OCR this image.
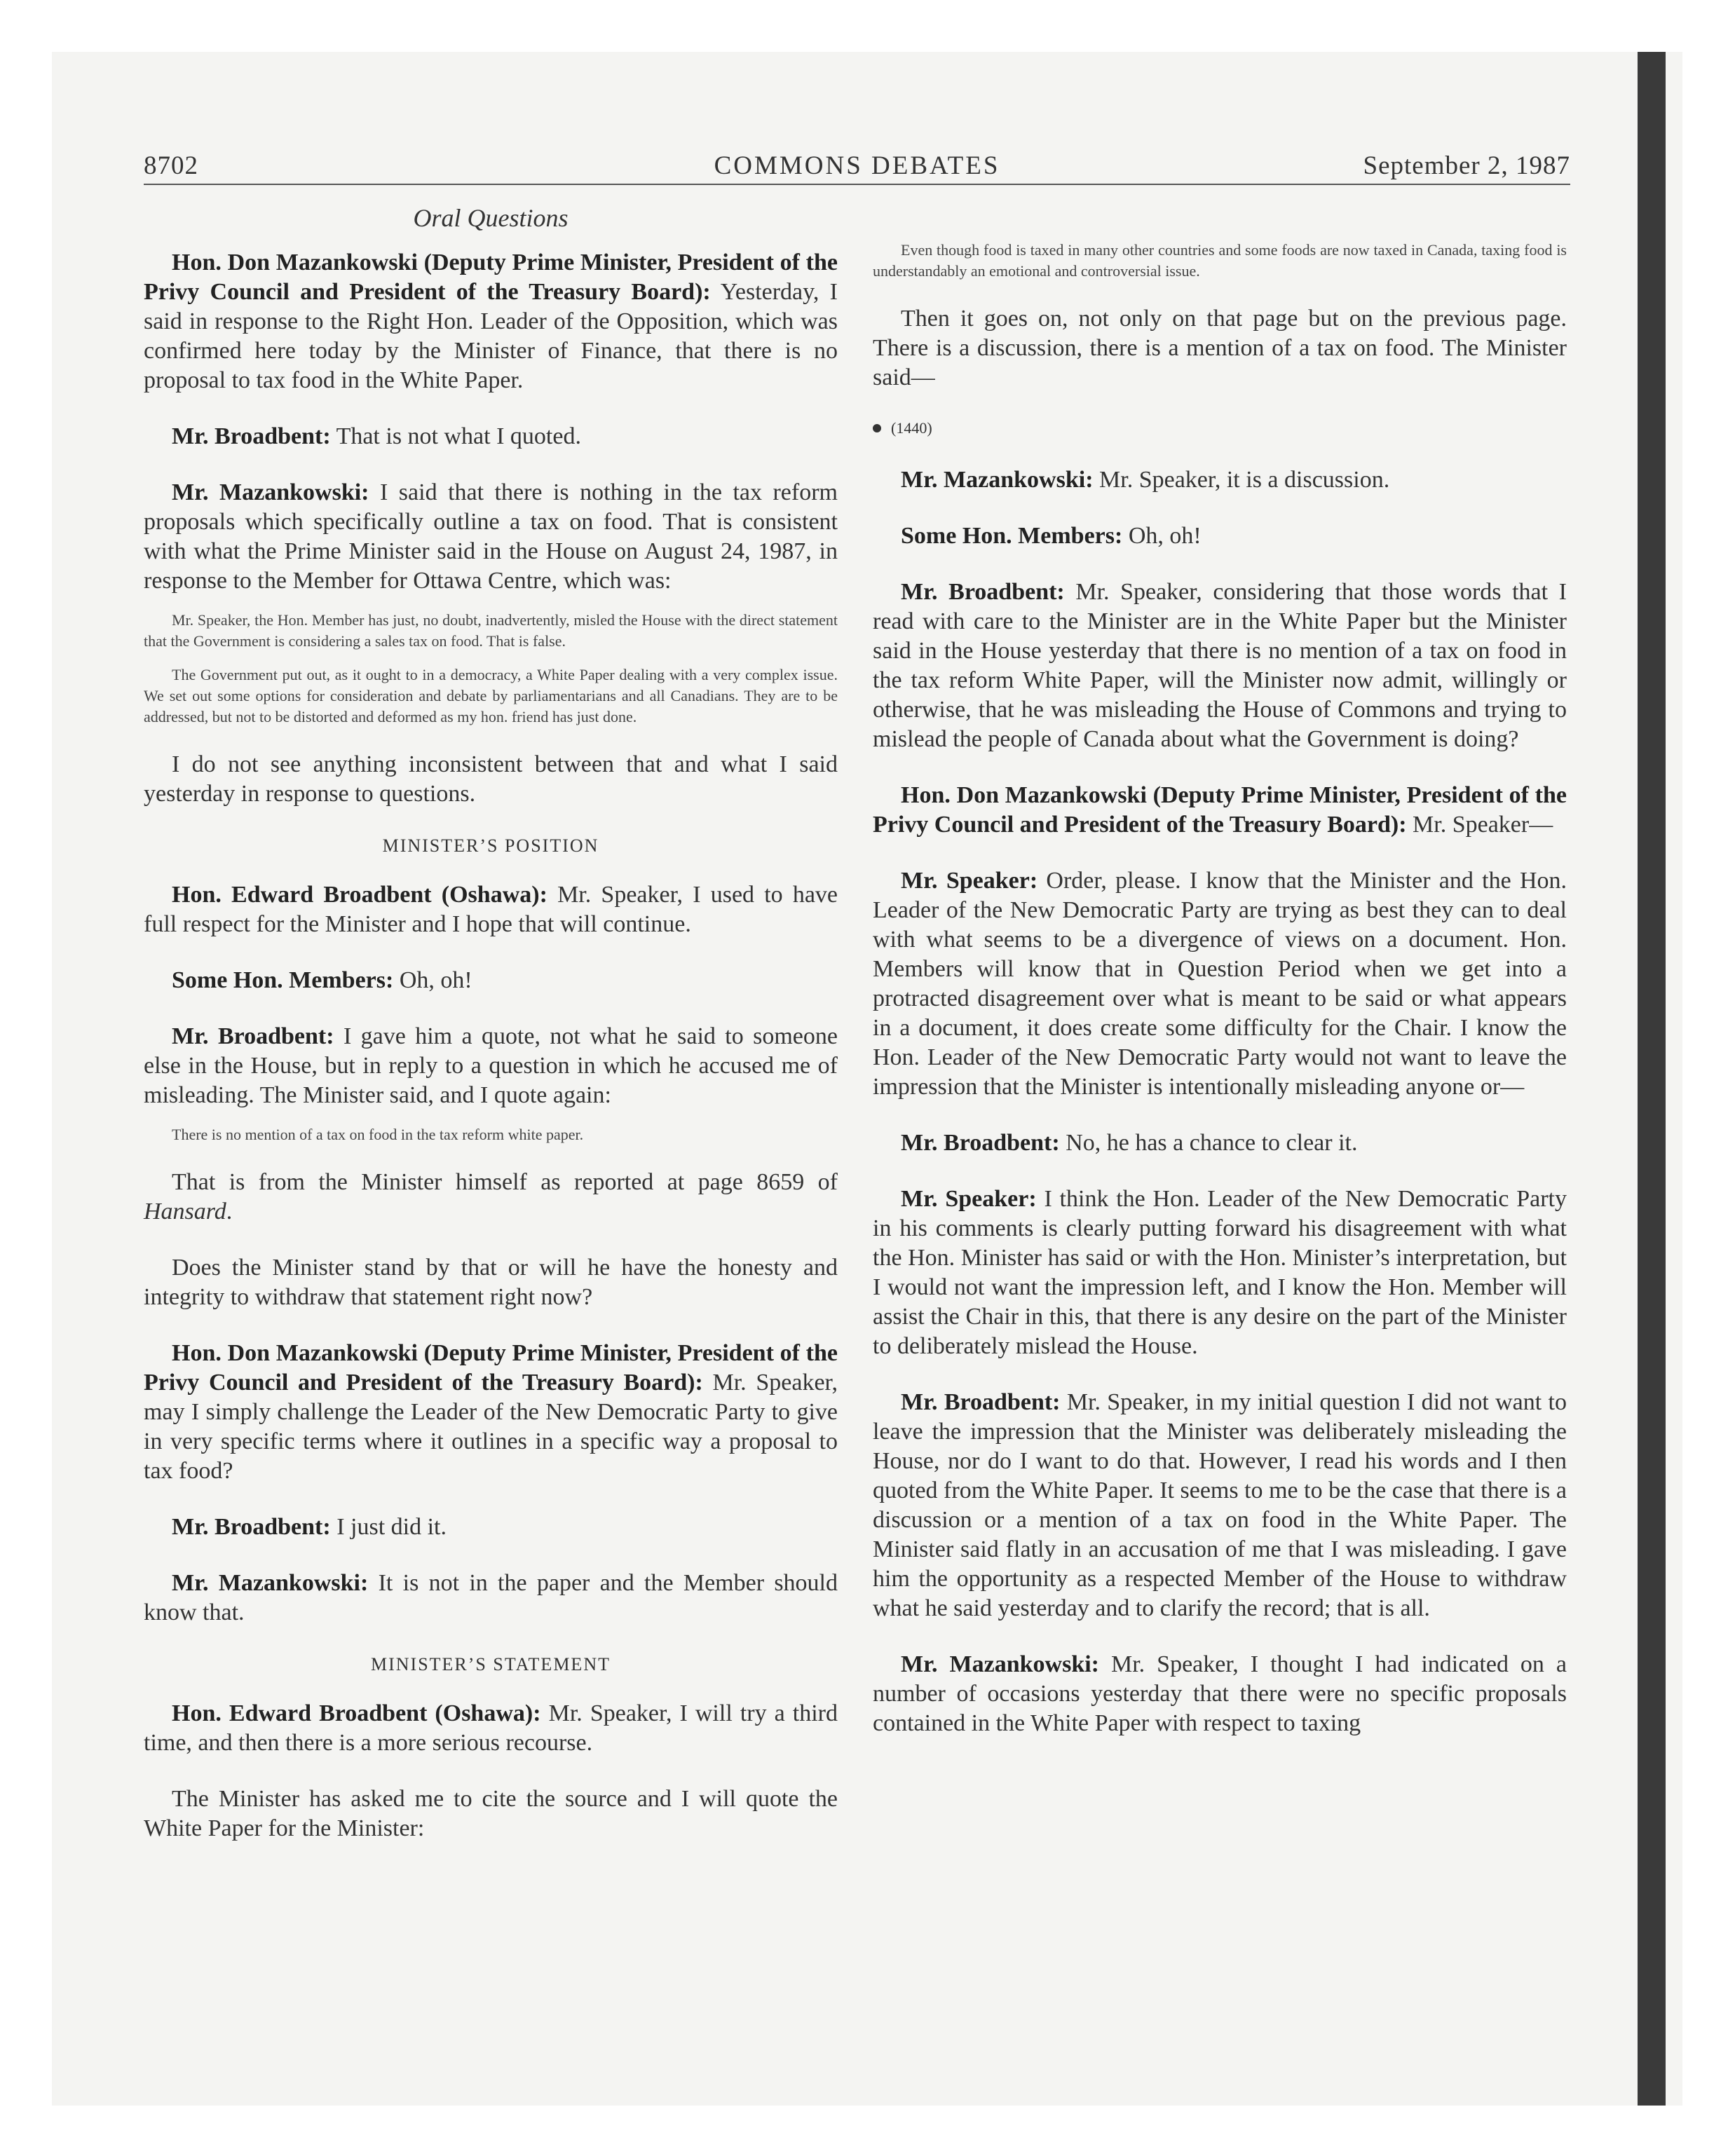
8702	COMMONS DEBATES	September 2, 1987
Oral Questions

Hon. Don Mazankowski (Deputy Prime Minister, President of the Privy Council and President of the Treasury Board): Yesterday, I said in response to the Right Hon. Leader of the Opposition, which was confirmed here today by the Minister of Finance, that there is no proposal to tax food in the White Paper.

Mr. Broadbent: That is not what I quoted.

Mr. Mazankowski: I said that there is nothing in the tax reform proposals which specifically outline a tax on food. That is consistent with what the Prime Minister said in the House on August 24, 1987, in response to the Member for Ottawa Centre, which was:

Mr. Speaker, the Hon. Member has just, no doubt, inadvertently, misled the House with the direct statement that the Government is considering a sales tax on food. That is false.

The Government put out, as it ought to in a democracy, a White Paper dealing with a very complex issue. We set out some options for consideration and debate by parliamentarians and all Canadians. They are to be addressed, but not to be distorted and deformed as my hon. friend has just done.

I do not see anything inconsistent between that and what I said yesterday in response to questions.

MINISTER’S POSITION

Hon. Edward Broadbent (Oshawa): Mr. Speaker, I used to have full respect for the Minister and I hope that will continue.

Some Hon. Members: Oh, oh!

Mr. Broadbent: I gave him a quote, not what he said to someone else in the House, but in reply to a question in which he accused me of misleading. The Minister said, and I quote again:

There is no mention of a tax on food in the tax reform white paper.

That is from the Minister himself as reported at page 8659 of Hansard.

Does the Minister stand by that or will he have the honesty and integrity to withdraw that statement right now?

Hon. Don Mazankowski (Deputy Prime Minister, President of the Privy Council and President of the Treasury Board): Mr. Speaker, may I simply challenge the Leader of the New Democratic Party to give in very specific terms where it outlines in a specific way a proposal to tax food?

Mr. Broadbent: I just did it.

Mr. Mazankowski: It is not in the paper and the Member should know that.

MINISTER’S STATEMENT

Hon. Edward Broadbent (Oshawa): Mr. Speaker, I will try a third time, and then there is a more serious recourse.

The Minister has asked me to cite the source and I will quote the White Paper for the Minister:

Even though food is taxed in many other countries and some foods are now taxed in Canada, taxing food is understandably an emotional and controversial issue.

Then it goes on, not only on that page but on the previous page. There is a discussion, there is a mention of a tax on food. The Minister said—

(1440)

Mr. Mazankowski: Mr. Speaker, it is a discussion.

Some Hon. Members: Oh, oh!

Mr. Broadbent: Mr. Speaker, considering that those words that I read with care to the Minister are in the White Paper but the Minister said in the House yesterday that there is no mention of a tax on food in the tax reform White Paper, will the Minister now admit, willingly or otherwise, that he was misleading the House of Commons and trying to mislead the people of Canada about what the Government is doing?

Hon. Don Mazankowski (Deputy Prime Minister, President of the Privy Council and President of the Treasury Board): Mr. Speaker—

Mr. Speaker: Order, please. I know that the Minister and the Hon. Leader of the New Democratic Party are trying as best they can to deal with what seems to be a divergence of views on a document. Hon. Members will know that in Question Period when we get into a protracted disagreement over what is meant to be said or what appears in a document, it does create some difficulty for the Chair. I know the Hon. Leader of the New Democratic Party would not want to leave the impression that the Minister is intentionally misleading anyone or—

Mr. Broadbent: No, he has a chance to clear it.

Mr. Speaker: I think the Hon. Leader of the New Democratic Party in his comments is clearly putting forward his disagreement with what the Hon. Minister has said or with the Hon. Minister’s interpretation, but I would not want the impression left, and I know the Hon. Member will assist the Chair in this, that there is any desire on the part of the Minister to deliberately mislead the House.

Mr. Broadbent: Mr. Speaker, in my initial question I did not want to leave the impression that the Minister was deliberately misleading the House, nor do I want to do that. However, I read his words and I then quoted from the White Paper. It seems to me to be the case that there is a discussion or a mention of a tax on food in the White Paper. The Minister said flatly in an accusation of me that I was misleading. I gave him the opportunity as a respected Member of the House to withdraw what he said yesterday and to clarify the record; that is all.

Mr. Mazankowski: Mr. Speaker, I thought I had indicated on a number of occasions yesterday that there were no specific proposals contained in the White Paper with respect to taxing
